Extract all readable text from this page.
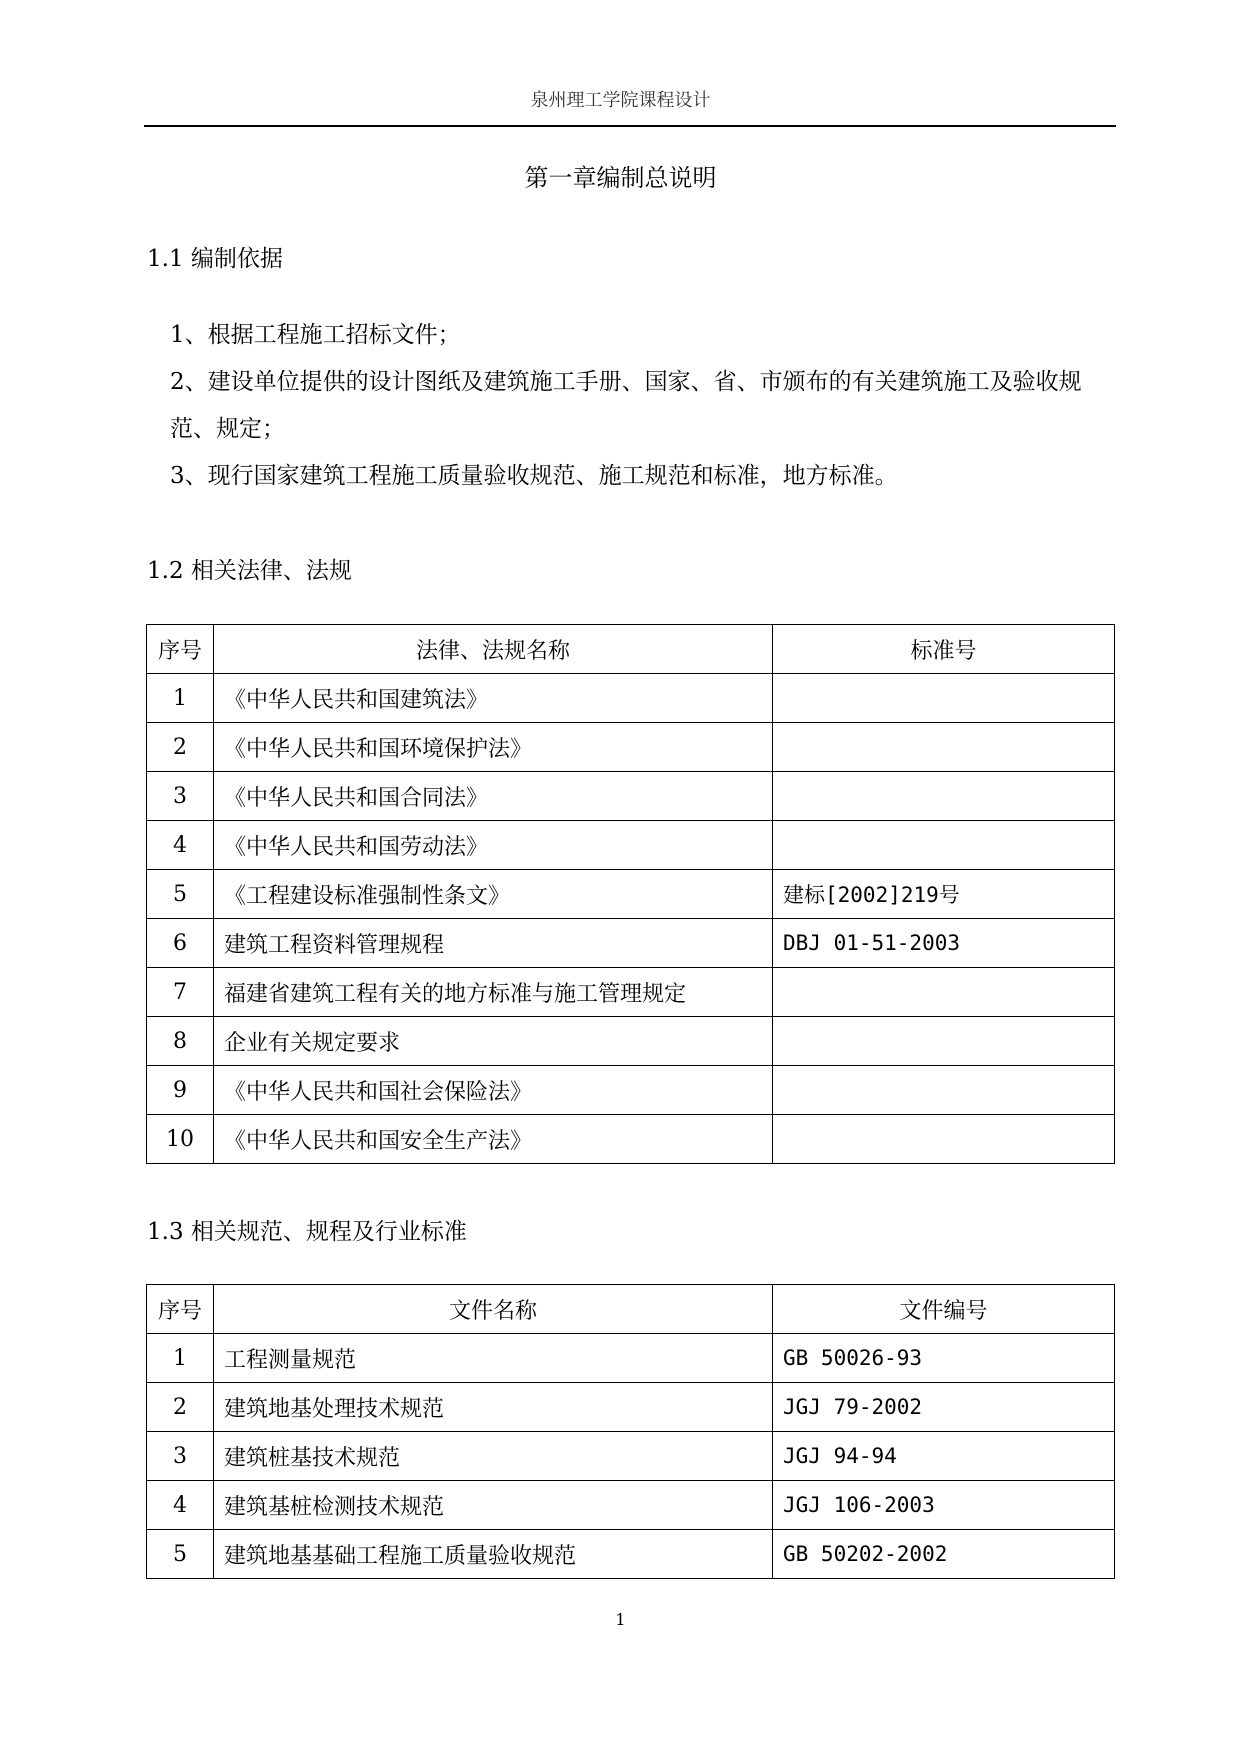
泉州理工学院课程设计
第一章编制总说明
1.1 编制依据
1、根据工程施工招标文件；
2、建设单位提供的设计图纸及建筑施工手册、国家、省、市颁布的有关建筑施工及验收规范、规定；
3、现行国家建筑工程施工质量验收规范、施工规范和标准，地方标准。
1.2 相关法律、法规
序号	法律、法规名称	标准号
1	《中华人民共和国建筑法》	
2	《中华人民共和国环境保护法》	
3	《中华人民共和国合同法》	
4	《中华人民共和国劳动法》	
5	《工程建设标准强制性条文》	建标[2002]219号
6	建筑工程资料管理规程	DBJ 01-51-2003
7	福建省建筑工程有关的地方标准与施工管理规定	
8	企业有关规定要求	
9	《中华人民共和国社会保险法》	
10	《中华人民共和国安全生产法》	
1.3 相关规范、规程及行业标准
序号	文件名称	文件编号
1	工程测量规范	GB 50026-93
2	建筑地基处理技术规范	JGJ 79-2002
3	建筑桩基技术规范	JGJ 94-94
4	建筑基桩检测技术规范	JGJ 106-2003
5	建筑地基基础工程施工质量验收规范	GB 50202-2002
1
